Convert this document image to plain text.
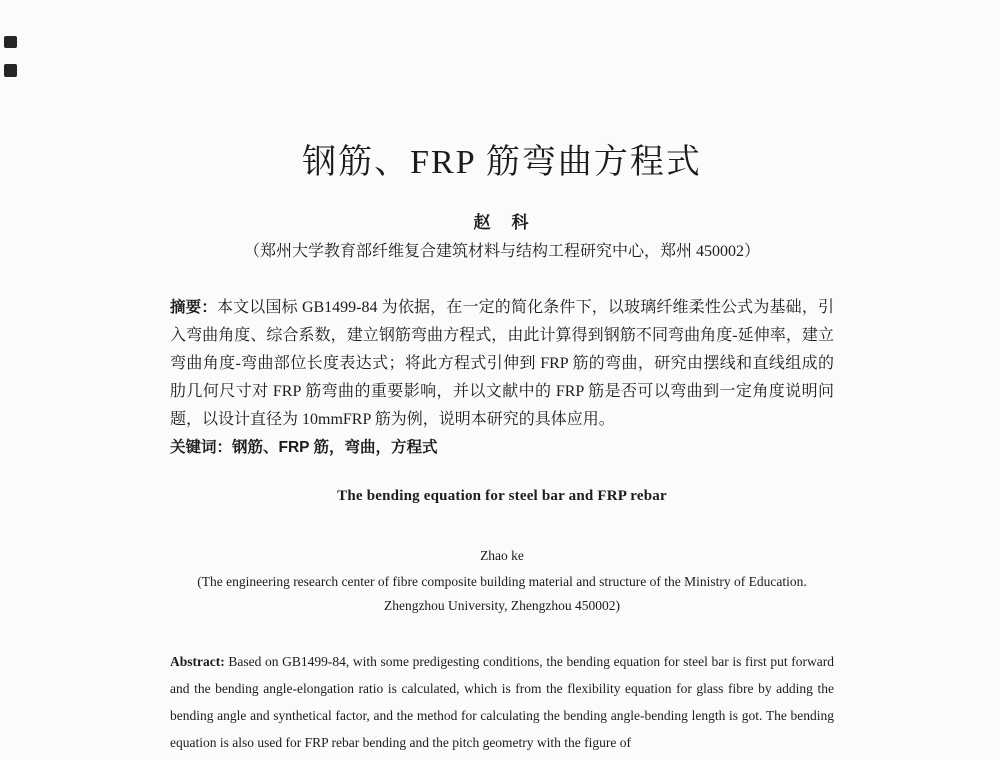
钢筋、FRP 筋弯曲方程式
赵　科
（郑州大学教育部纤维复合建筑材料与结构工程研究中心，郑州 450002）

摘要：本文以国标 GB1499-84 为依据，在一定的简化条件下，以玻璃纤维柔性公式为基础，引入弯曲角度、综合系数，建立钢筋弯曲方程式，由此计算得到钢筋不同弯曲角度-延伸率，建立弯曲角度-弯曲部位长度表达式；将此方程式引伸到 FRP 筋的弯曲，研究由摆线和直线组成的肋几何尺寸对 FRP 筋弯曲的重要影响，并以文献中的 FRP 筋是否可以弯曲到一定角度说明问题，以设计直径为 10mmFRP 筋为例，说明本研究的具体应用。

关键词：钢筋、FRP 筋，弯曲，方程式

The bending equation for steel bar and FRP rebar
Zhao ke
(The engineering research center of fibre composite building material and structure of the Ministry of Education.
Zhengzhou University, Zhengzhou 450002)

Abstract: Based on GB1499-84, with some predigesting conditions, the bending equation for steel bar is first put forward and the bending angle-elongation ratio is calculated, which is from the flexibility equation for glass fibre by adding the bending angle and synthetical factor, and the method for calculating the bending angle-bending length is got. The bending equation is also used for FRP rebar bending and the pitch geometry with the figure of
